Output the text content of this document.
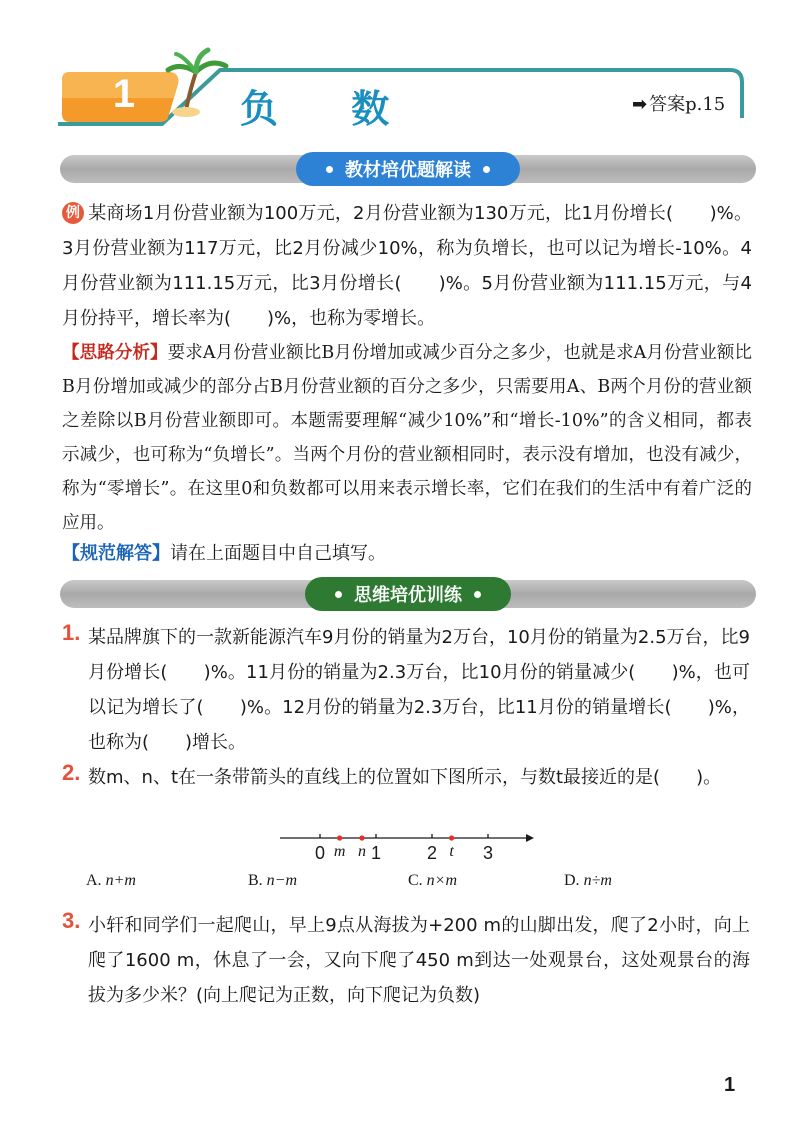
1	负 数	➡ 答案p.15
教材培优题解读
例 某商场1月份营业额为100万元，2月份营业额为130万元，比1月份增长(　　)%。3月份营业额为117万元，比2月份减少10%，称为负增长，也可以记为增长-10%。4月份营业额为111.15万元，比3月份增长(　　)%。5月份营业额为111.15万元，与4月份持平，增长率为(　　)%，也称为零增长。
【思路分析】要求A月份营业额比B月份增加或减少百分之多少，也就是求A月份营业额比B月份增加或减少的部分占B月份营业额的百分之多少，只需要用A、B两个月份的营业额之差除以B月份营业额即可。本题需要理解“减少10%”和“增长-10%”的含义相同，都表示减少，也可称为“负增长”。当两个月份的营业额相同时，表示没有增加，也没有减少，称为“零增长”。在这里0和负数都可以用来表示增长率，它们在我们的生活中有着广泛的应用。
【规范解答】请在上面题目中自己填写。
思维培优训练
1. 某品牌旗下的一款新能源汽车9月份的销量为2万台，10月份的销量为2.5万台，比9月份增长(　　)%。11月份的销量为2.3万台，比10月份的销量减少(　　)%，也可以记为增长了(　　)%。12月份的销量为2.3万台，比11月份的销量增长(　　)%，也称为(　　)增长。
2. 数m、n、t在一条带箭头的直线上的位置如下图所示，与数t最接近的是(　　)。
0	1	2	3
m n	t
A. n+m	B. n−m	C. n×m	D. n÷m
3. 小轩和同学们一起爬山，早上9点从海拔为+200 m的山脚出发，爬了2小时，向上爬了1600 m，休息了一会，又向下爬了450 m到达一处观景台，这处观景台的海拔为多少米？(向上爬记为正数，向下爬记为负数)
1
